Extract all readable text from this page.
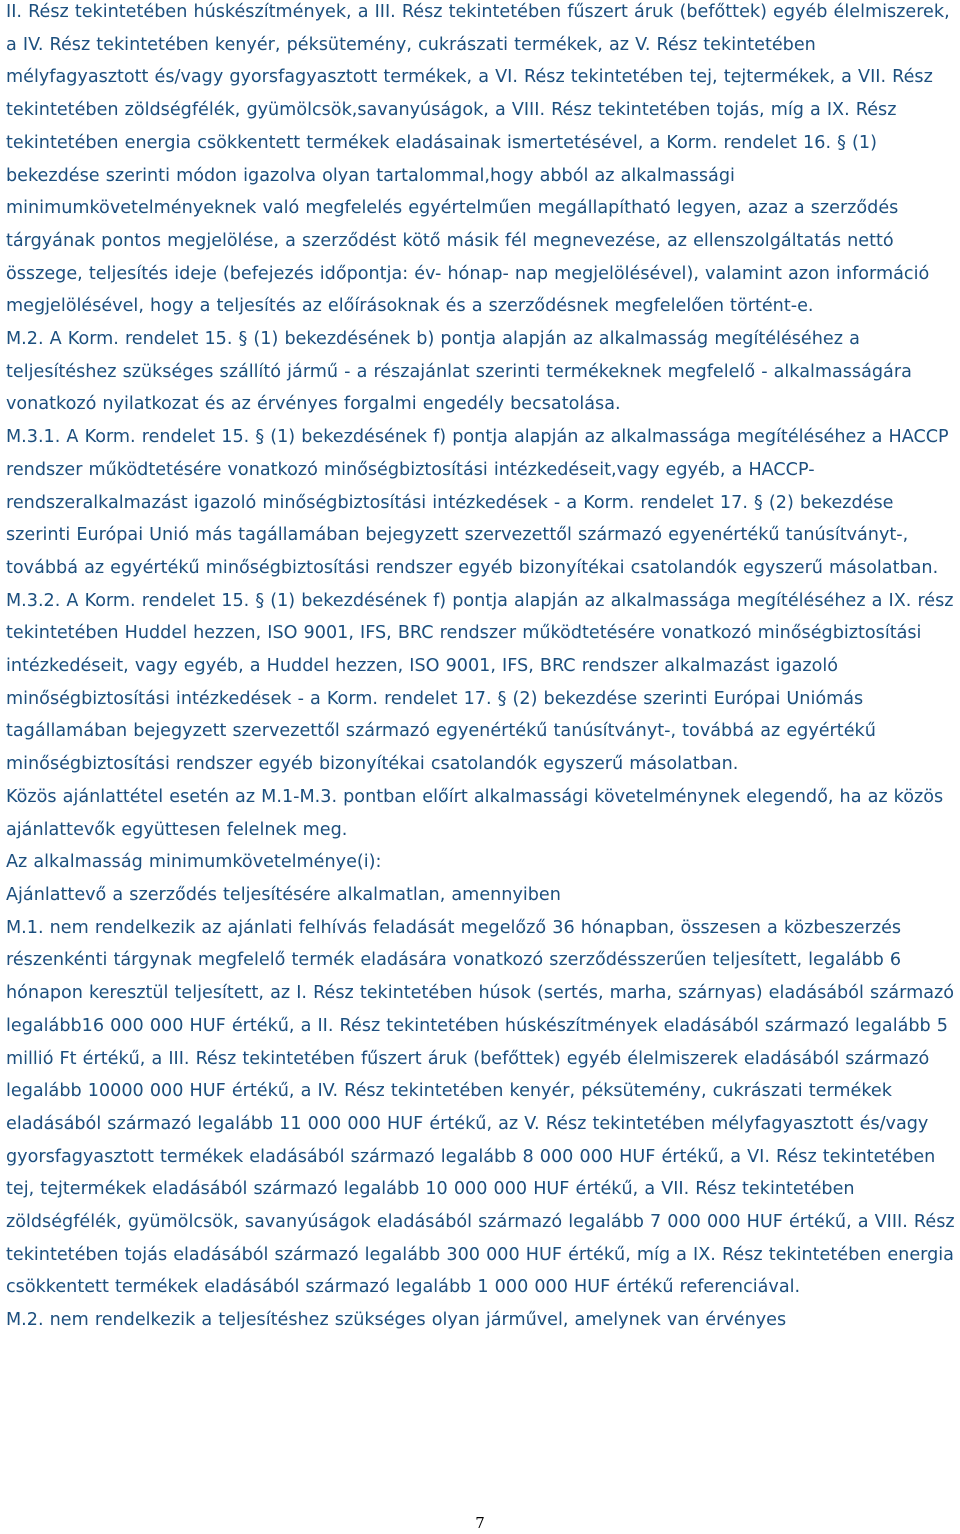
II. Rész tekintetében húskészítmények, a III. Rész tekintetében fűszert áruk (befőttek) egyéb élelmiszerek, a IV. Rész tekintetében kenyér, péksütemény, cukrászati termékek, az V. Rész tekintetében mélyfagyasztott és/vagy gyorsfagyasztott termékek, a VI. Rész tekintetében tej, tejtermékek, a VII. Rész tekintetében zöldségfélék, gyümölcsök,savanyúságok, a VIII. Rész tekintetében tojás, míg a IX. Rész tekintetében energia csökkentett termékek eladásainak ismertetésével, a Korm. rendelet 16. § (1) bekezdése szerinti módon igazolva olyan tartalommal,hogy abból az alkalmassági minimumkövetelményeknek való megfelelés egyértelműen megállapítható legyen, azaz a szerződés tárgyának pontos megjelölése, a szerződést kötő másik fél megnevezése, az ellenszolgáltatás nettó összege, teljesítés ideje (befejezés időpontja: év- hónap- nap megjelölésével), valamint azon információ megjelölésével, hogy a teljesítés az előírásoknak és a szerződésnek megfelelően történt-e.

M.2. A Korm. rendelet 15. § (1) bekezdésének b) pontja alapján az alkalmasság megítéléséhez a teljesítéshez szükséges szállító jármű - a részajánlat szerinti termékeknek megfelelő - alkalmasságára vonatkozó nyilatkozat és az érvényes forgalmi engedély becsatolása.

M.3.1. A Korm. rendelet 15. § (1) bekezdésének f) pontja alapján az alkalmassága megítéléséhez a HACCP rendszer működtetésére vonatkozó minőségbiztosítási intézkedéseit,vagy egyéb, a HACCP-rendszeralkalmazást igazoló minőségbiztosítási intézkedések - a Korm. rendelet 17. § (2) bekezdése szerinti Európai Unió más tagállamában bejegyzett szervezettől származó egyenértékű tanúsítványt-, továbbá az egyértékű minőségbiztosítási rendszer egyéb bizonyítékai csatolandók egyszerű másolatban.

M.3.2. A Korm. rendelet 15. § (1) bekezdésének f) pontja alapján az alkalmassága megítéléséhez a IX. rész tekintetében Huddel hezzen, ISO 9001, IFS, BRC rendszer működtetésére vonatkozó minőségbiztosítási intézkedéseit, vagy egyéb, a Huddel hezzen, ISO 9001, IFS, BRC rendszer alkalmazást igazoló minőségbiztosítási intézkedések - a Korm. rendelet 17. § (2) bekezdése szerinti Európai Uniómás tagállamában bejegyzett szervezettől származó egyenértékű tanúsítványt-, továbbá az egyértékű minőségbiztosítási rendszer egyéb bizonyítékai csatolandók egyszerű másolatban.

Közös ajánlattétel esetén az M.1-M.3. pontban előírt alkalmassági követelménynek elegendő, ha az közös ajánlattevők együttesen felelnek meg.

Az alkalmasság minimumkövetelménye(i):

Ajánlattevő a szerződés teljesítésére alkalmatlan, amennyiben

M.1. nem rendelkezik az ajánlati felhívás feladását megelőző 36 hónapban, összesen a közbeszerzés részenkénti tárgynak megfelelő termék eladására vonatkozó szerződésszerűen teljesített, legalább 6 hónapon keresztül teljesített, az I. Rész tekintetében húsok (sertés, marha, szárnyas) eladásából származó legalább16 000 000 HUF értékű, a II. Rész tekintetében húskészítmények eladásából származó legalább 5 millió Ft értékű, a III. Rész tekintetében fűszert áruk (befőttek) egyéb élelmiszerek eladásából származó legalább 10000 000 HUF értékű, a IV. Rész tekintetében kenyér, péksütemény, cukrászati termékek eladásából származó legalább 11 000 000 HUF értékű, az V. Rész tekintetében mélyfagyasztott és/vagy gyorsfagyasztott termékek eladásából származó legalább 8 000 000 HUF értékű, a VI. Rész tekintetében tej, tejtermékek eladásából származó legalább 10 000 000 HUF értékű, a VII. Rész tekintetében zöldségfélék, gyümölcsök, savanyúságok eladásából származó legalább 7 000 000 HUF értékű, a VIII. Rész tekintetében tojás eladásából származó legalább 300 000 HUF értékű, míg a IX. Rész tekintetében energia csökkentett termékek eladásából származó legalább 1 000 000 HUF értékű referenciával.

M.2. nem rendelkezik a teljesítéshez szükséges olyan járművel, amelynek van érvényes

7
